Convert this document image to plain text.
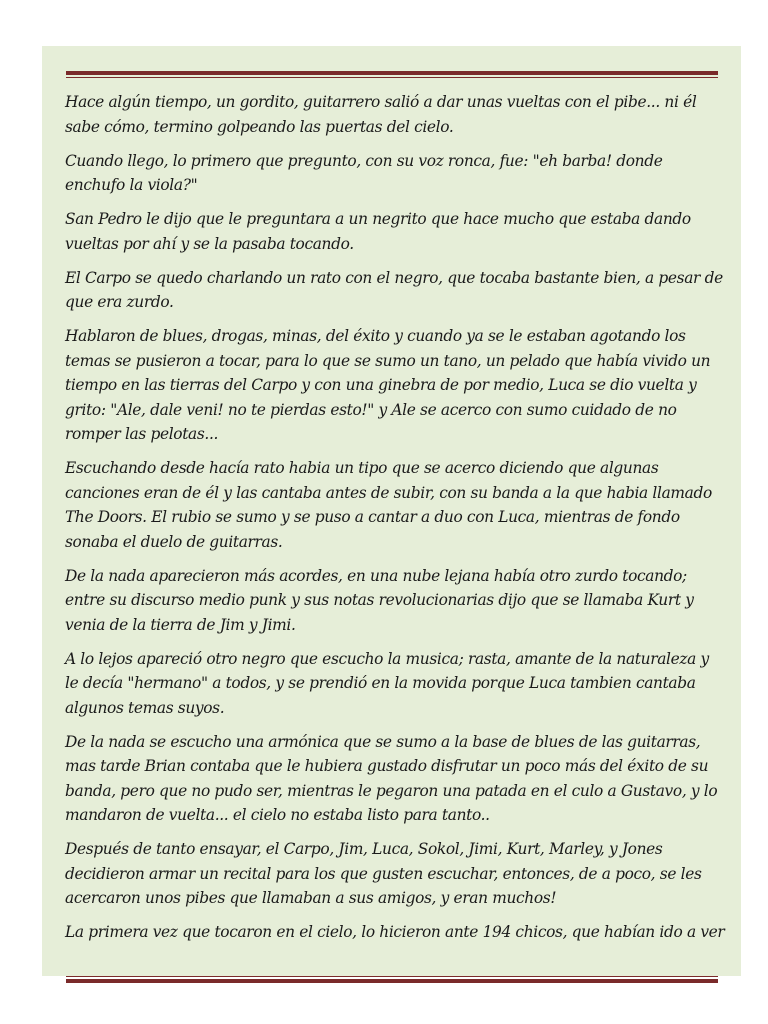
Hace algún tiempo, un gordito, guitarrero salió a dar unas vueltas con el pibe... ni él sabe cómo, termino golpeando las puertas del cielo.

Cuando llego, lo primero que pregunto, con su voz ronca, fue: "eh barba! donde enchufo la viola?"

San Pedro le dijo que le preguntara a un negrito que hace mucho que estaba dando vueltas por ahí y se la pasaba tocando.

El Carpo se quedo charlando un rato con el negro, que tocaba bastante bien, a pesar de que era zurdo.

Hablaron de blues, drogas, minas, del éxito y cuando ya se le estaban agotando los temas se pusieron a tocar, para lo que se sumo un tano, un pelado que había vivido un tiempo en las tierras del Carpo y con una ginebra de por medio, Luca se dio vuelta y grito: "Ale, dale veni! no te pierdas esto!" y Ale se acerco con sumo cuidado de no romper las pelotas...

Escuchando desde hacía rato habia un tipo que se acerco diciendo que algunas canciones eran de él y las cantaba antes de subir, con su banda a la que habia llamado The Doors. El rubio se sumo y se puso a cantar a duo con Luca, mientras de fondo sonaba el duelo de guitarras.

De la nada aparecieron más acordes, en una nube lejana había otro zurdo tocando; entre su discurso medio punk y sus notas revolucionarias dijo que se llamaba Kurt y venia de la tierra de Jim y Jimi.

A lo lejos apareció otro negro que escucho la musica; rasta, amante de la naturaleza y le decía "hermano" a todos, y se prendió en la movida porque Luca tambien cantaba algunos temas suyos.

De la nada se escucho una armónica que se sumo a la base de blues de las guitarras, mas tarde Brian contaba que le hubiera gustado disfrutar un poco más del éxito de su banda, pero que no pudo ser, mientras le pegaron una patada en el culo a Gustavo, y lo mandaron de vuelta... el cielo no estaba listo para tanto..

Después de tanto ensayar, el Carpo, Jim, Luca, Sokol, Jimi, Kurt, Marley, y Jones decidieron armar un recital para los que gusten escuchar, entonces, de a poco, se les acercaron unos pibes que llamaban a sus amigos, y eran muchos!

La primera vez que tocaron en el cielo, lo hicieron ante 194 chicos, que habían ido a ver
